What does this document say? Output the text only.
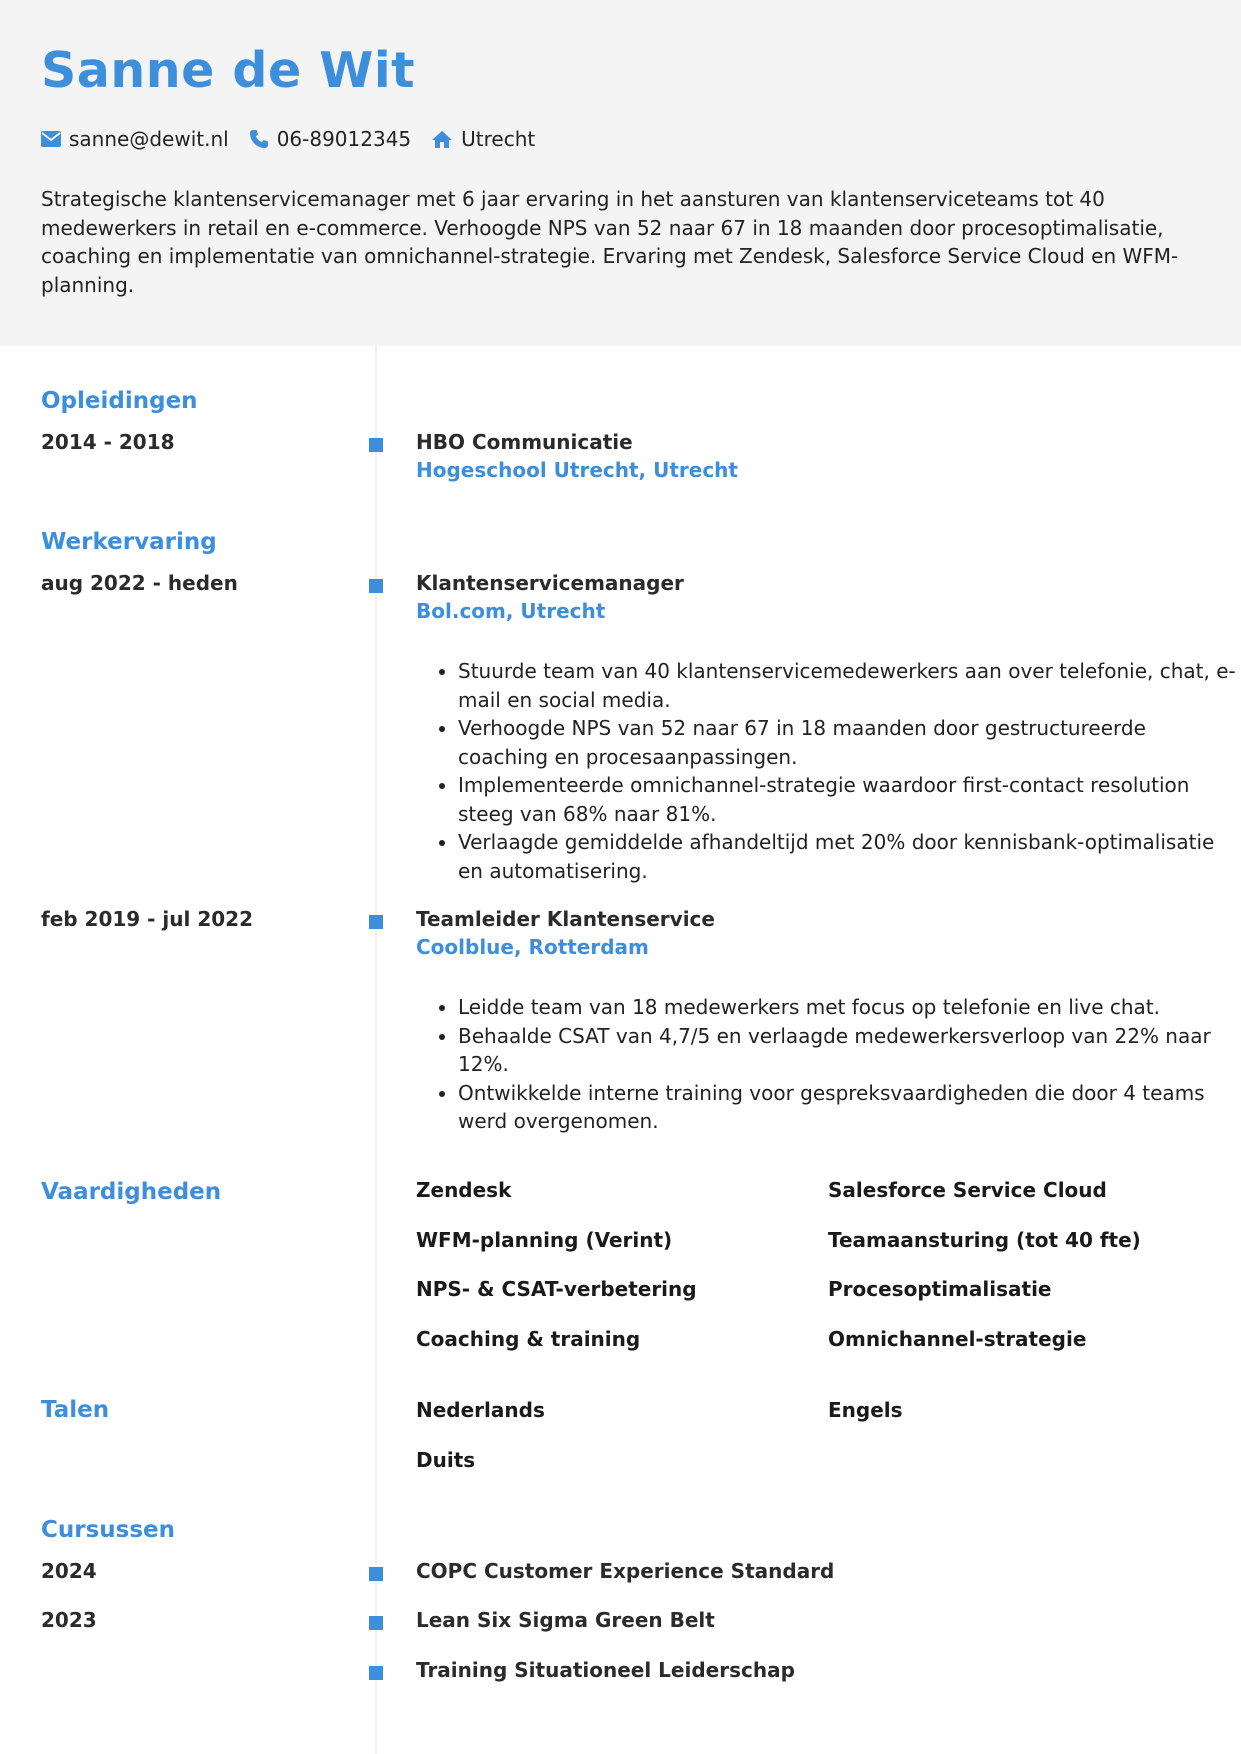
Sanne de Wit
sanne@dewit.nl 06-89012345	Utrecht

Strategische klantenservicemanager met 6 jaar ervaring in het aansturen van klantenserviceteams tot 40 medewerkers in retail en e-commerce. Verhoogde NPS van 52 naar 67 in 18 maanden door procesoptimalisatie, coaching en implementatie van omnichannel-strategie. Ervaring met Zendesk, Salesforce Service Cloud en WFM-planning.

Opleidingen
2014 - 2018	HBO Communicatie
Hogeschool Utrecht, Utrecht
Werkervaring
aug 2022 - heden	Klantenservicemanager
Bol.com, Utrecht
• Stuurde team van 40 klantenservicemedewerkers aan over telefonie, chat, e-mail en social media.
• Verhoogde NPS van 52 naar 67 in 18 maanden door gestructureerde coaching en procesaanpassingen.
• Implementeerde omnichannel-strategie waardoor first-contact resolution steeg van 68% naar 81%.
• Verlaagde gemiddelde afhandeltijd met 20% door kennisbank-optimalisatie en automatisering.
feb 2019 - jul 2022	Teamleider Klantenservice
Coolblue, Rotterdam
• Leidde team van 18 medewerkers met focus op telefonie en live chat.
• Behaalde CSAT van 4,7/5 en verlaagde medewerkersverloop van 22% naar 12%.
• Ontwikkelde interne training voor gespreksvaardigheden die door 4 teams werd overgenomen.
Vaardigheden	Zendesk	Salesforce Service Cloud
WFM-planning (Verint)	Teamaansturing (tot 40 fte)
NPS- & CSAT-verbetering	Procesoptimalisatie
Coaching & training	Omnichannel-strategie
Talen	Nederlands	Engels
Duits
Cursussen
2024	COPC Customer Experience Standard
2023	Lean Six Sigma Green Belt
Training Situationeel Leiderschap
